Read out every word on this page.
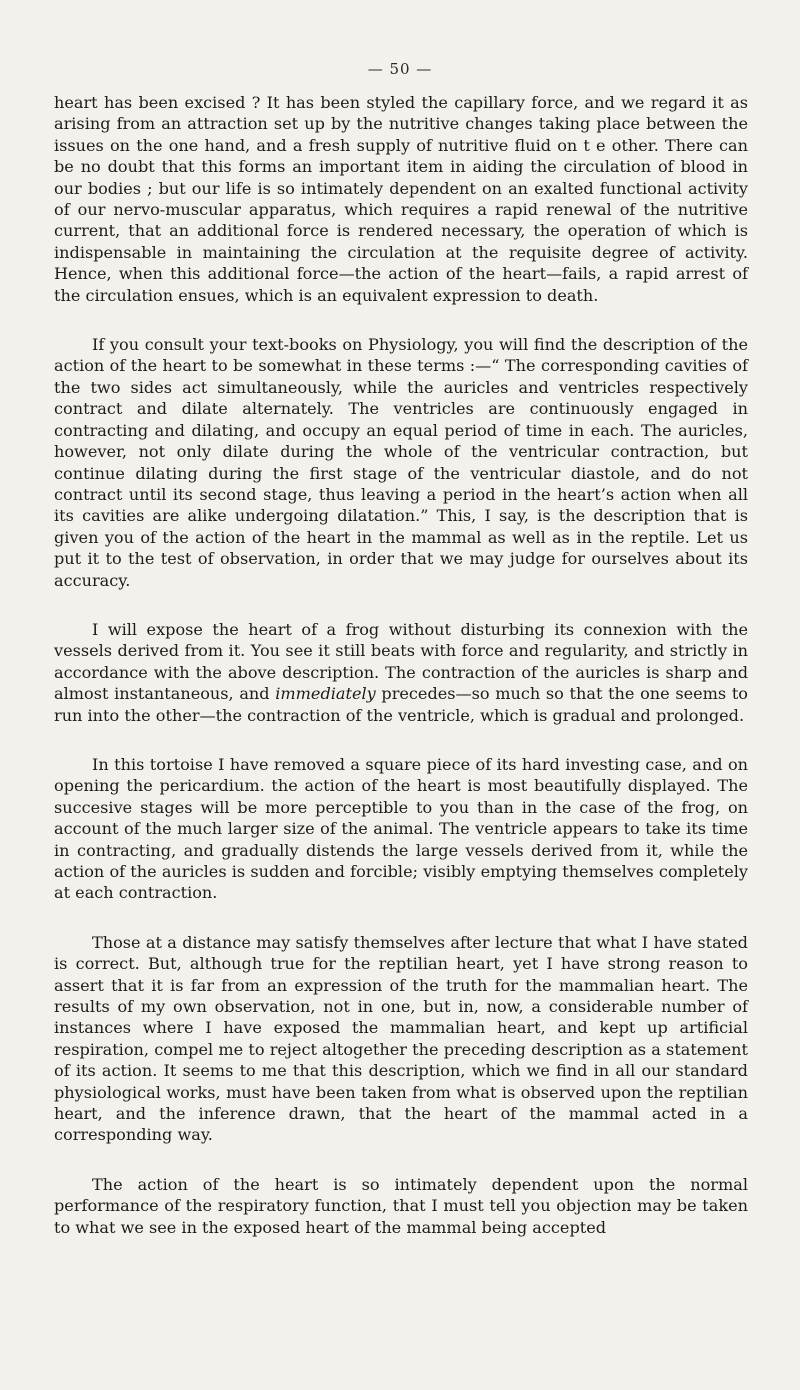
— 50 —

heart has been excised ? It has been styled the capillary force, and we regard it as arising from an attraction set up by the nutritive changes taking place between the issues on the one hand, and a fresh supply of nutritive fluid on t e other. There can be no doubt that this forms an important item in aiding the circulation of blood in our bodies ; but our life is so intimately dependent on an exalted functional activity of our nervo-muscular apparatus, which requires a rapid renewal of the nutritive current, that an additional force is rendered necessary, the operation of which is indispensable in maintaining the circulation at the requisite degree of activity. Hence, when this additional force—the action of the heart—fails, a rapid arrest of the circulation ensues, which is an equivalent expression to death.

If you consult your text-books on Physiology, you will find the description of the action of the heart to be somewhat in these terms :—“ The corresponding cavities of the two sides act simultaneously, while the auricles and ventricles respectively contract and dilate alternately. The ventricles are continuously engaged in contracting and dilating, and occupy an equal period of time in each. The auricles, however, not only dilate during the whole of the ventricular contraction, but continue dilating during the first stage of the ventricular diastole, and do not contract until its second stage, thus leaving a period in the heart’s action when all its cavities are alike undergoing dilatation.” This, I say, is the description that is given you of the action of the heart in the mammal as well as in the reptile. Let us put it to the test of observation, in order that we may judge for ourselves about its accuracy.

I will expose the heart of a frog without disturbing its connexion with the vessels derived from it. You see it still beats with force and regularity, and strictly in accordance with the above description. The contraction of the auricles is sharp and almost instantaneous, and immediately precedes—so much so that the one seems to run into the other—the contraction of the ventricle, which is gradual and prolonged.

In this tortoise I have removed a square piece of its hard investing case, and on opening the pericardium. the action of the heart is most beautifully displayed. The succesive stages will be more perceptible to you than in the case of the frog, on account of the much larger size of the animal. The ventricle appears to take its time in contracting, and gradually distends the large vessels derived from it, while the action of the auricles is sudden and forcible; visibly emptying themselves completely at each contraction.

Those at a distance may satisfy themselves after lecture that what I have stated is correct. But, although true for the reptilian heart, yet I have strong reason to assert that it is far from an expression of the truth for the mammalian heart. The results of my own observation, not in one, but in, now, a considerable number of instances where I have exposed the mammalian heart, and kept up artificial respiration, compel me to reject altogether the preceding description as a statement of its action. It seems to me that this description, which we find in all our standard physiological works, must have been taken from what is observed upon the reptilian heart, and the inference drawn, that the heart of the mammal acted in a corresponding way.

The action of the heart is so intimately dependent upon the normal performance of the respiratory function, that I must tell you objection may be taken to what we see in the exposed heart of the mammal being accepted
